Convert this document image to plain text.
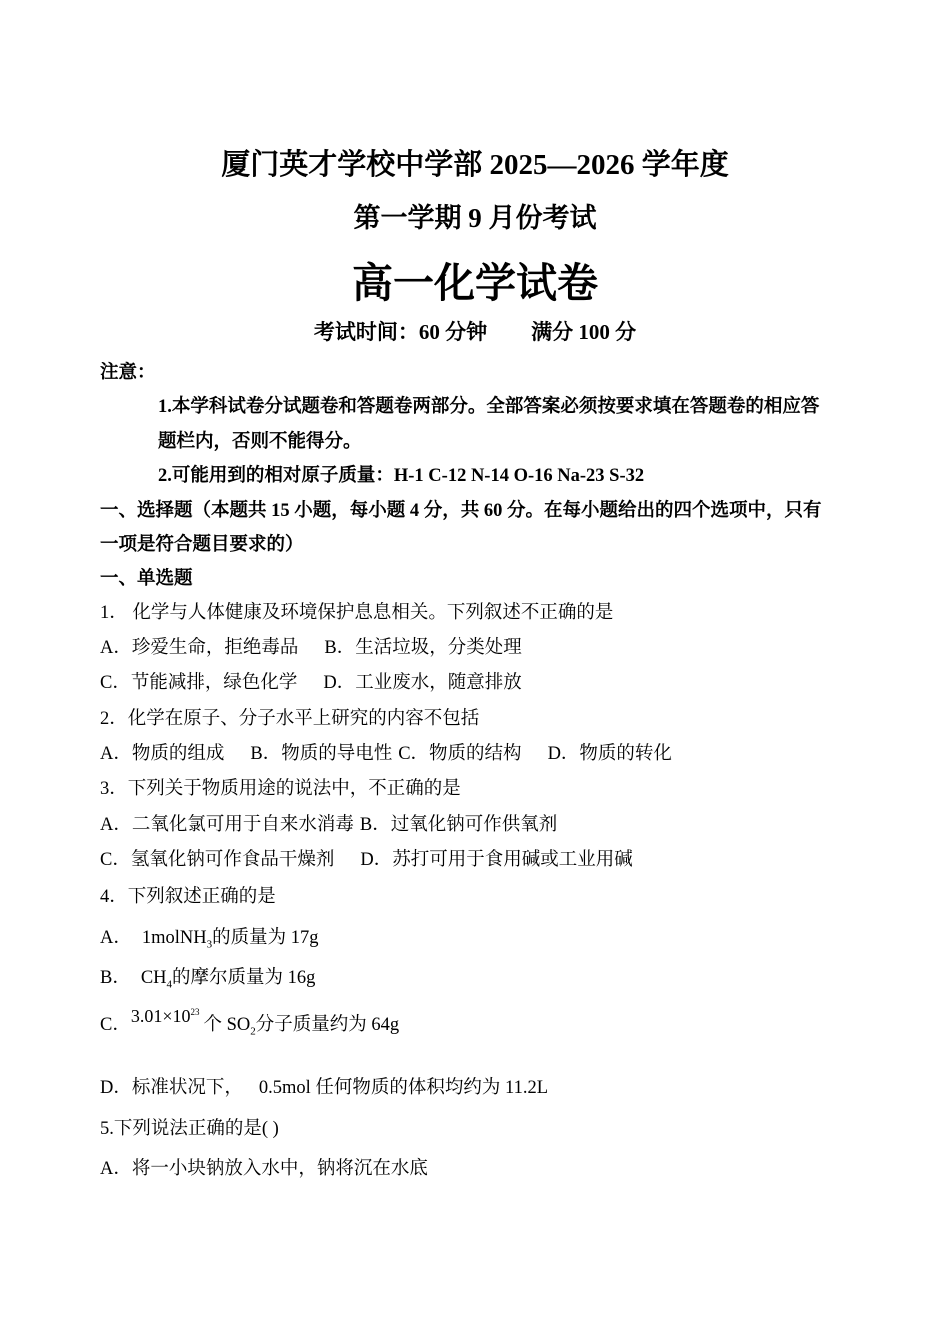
厦门英才学校中学部 2025—2026 学年度
第一学期 9 月份考试
高一化学试卷
考试时间：60 分钟 满分 100 分
注意：
1.本学科试卷分试题卷和答题卷两部分。全部答案必须按要求填在答题卷的相应答
题栏内，否则不能得分。
2.可能用到的相对原子质量：H-1 C-12 N-14 O-16 Na-23 S-32
一、选择题（本题共 15 小题，每小题 4 分，共 60 分。在每小题给出的四个选项中，只有
一项是符合题目要求的）
一、单选题
1． 化学与人体健康及环境保护息息相关。下列叙述不正确的是
A．珍爱生命，拒绝毒品 B．生活垃圾，分类处理
C．节能减排，绿色化学 D．工业废水，随意排放
2．化学在原子、分子水平上研究的内容不包括
A．物质的组成 B．物质的导电性 C．物质的结构 D．物质的转化
3．下列关于物质用途的说法中，不正确的是
A．二氧化氯可用于自来水消毒 B．过氧化钠可作供氧剂
C．氢氧化钠可作食品干燥剂 D．苏打可用于食用碱或工业用碱
4．下列叙述正确的是
A． 1molNH$_3$的质量为 17g
B． $CH_4$的摩尔质量为 16g
C．$3.01\times 10^{23}$个 $SO_2$分子质量约为 64g
D．标准状况下， 0.5mol 任何物质的体积均约为 11.2L
5.下列说法正确的是( )
A．将一小块钠放入水中，钠将沉在水底
